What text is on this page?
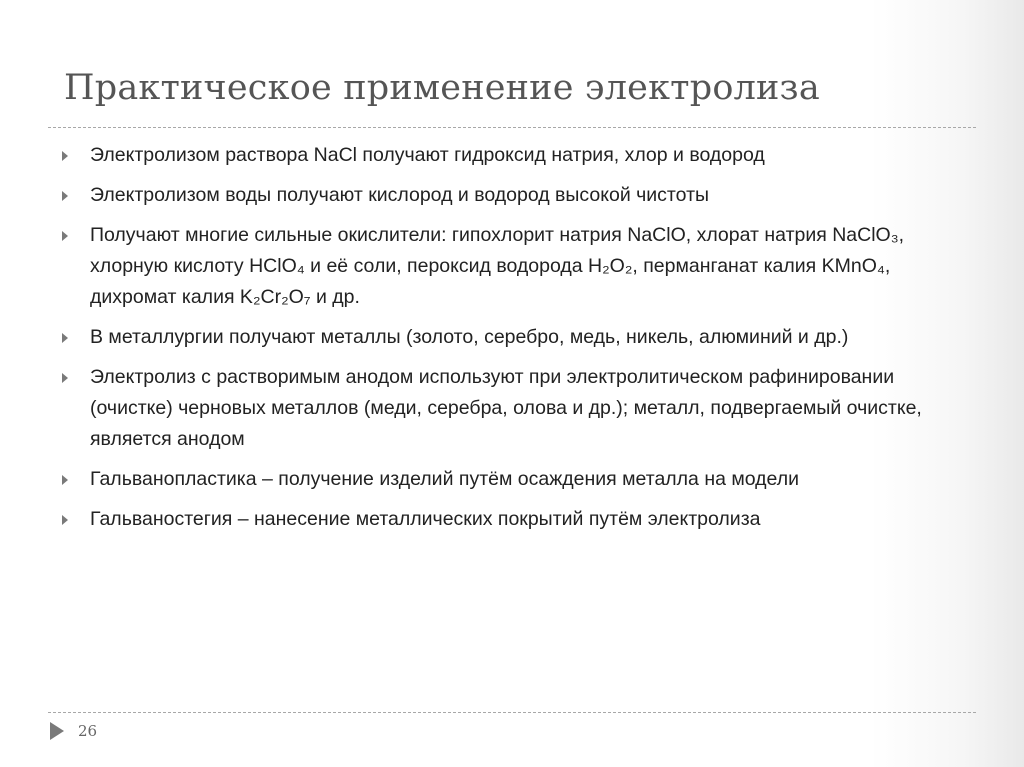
Практическое применение электролиза
Электролизом раствора NaCl получают гидроксид натрия, хлор и водород
Электролизом воды получают кислород и водород высокой чистоты
Получают многие сильные окислители: гипохлорит натрия NaClO, хлорат натрия NaClO₃, хлорную кислоту HClO₄ и её соли, пероксид водорода H₂O₂, перманганат калия KMnO₄, дихромат калия K₂Cr₂O₇ и др.
В металлургии получают металлы (золото, серебро, медь, никель, алюминий и др.)
Электролиз с растворимым анодом используют при электролитическом рафинировании (очистке) черновых металлов (меди, серебра, олова и др.); металл, подвергаемый очистке, является анодом
Гальванопластика – получение изделий путём осаждения металла на модели
Гальваностегия – нанесение металлических покрытий путём электролиза
26
